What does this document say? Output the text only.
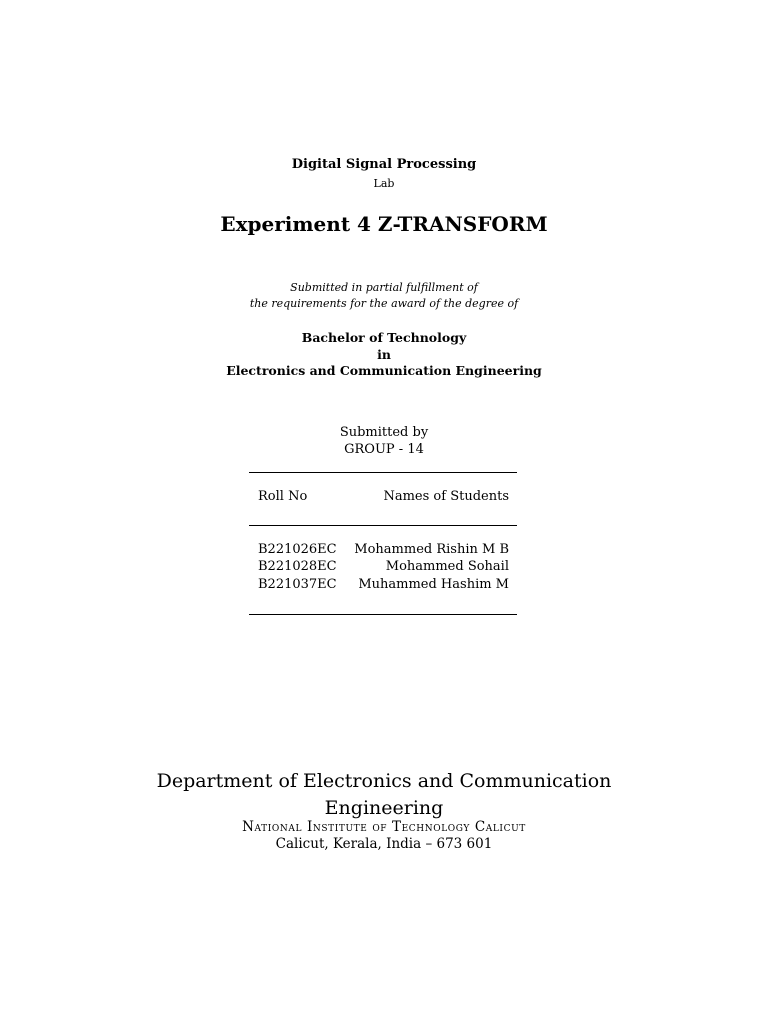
Digital Signal Processing
Lab
Experiment 4 Z-TRANSFORM
Submitted in partial fulfillment of
the requirements for the award of the degree of
Bachelor of Technology
in
Electronics and Communication Engineering
Submitted by
GROUP - 14
Roll No	Names of Students
B221026EC Mohammed Rishin M B
B221028EC	Mohammed Sohail
B221037EC Muhammed Hashim M
Department of Electronics and Communication
Engineering
National Institute of Technology Calicut
Calicut, Kerala, India – 673 601
